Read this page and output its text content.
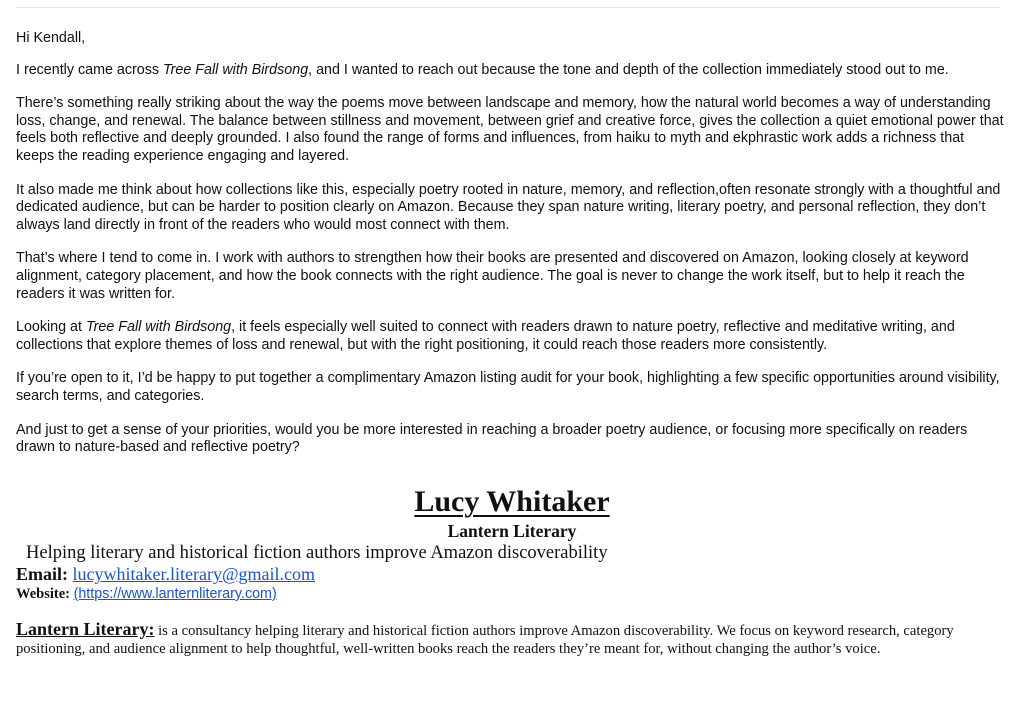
Hi Kendall,

I recently came across Tree Fall with Birdsong, and I wanted to reach out because the tone and depth of the collection immediately stood out to me.

There’s something really striking about the way the poems move between landscape and memory, how the natural world becomes a way of understanding loss, change, and renewal. The balance between stillness and movement, between grief and creative force, gives the collection a quiet emotional power that feels both reflective and deeply grounded. I also found the range of forms and influences, from haiku to myth and ekphrastic work adds a richness that keeps the reading experience engaging and layered.

It also made me think about how collections like this, especially poetry rooted in nature, memory, and reflection,often resonate strongly with a thoughtful and dedicated audience, but can be harder to position clearly on Amazon. Because they span nature writing, literary poetry, and personal reflection, they don’t always land directly in front of the readers who would most connect with them.

That’s where I tend to come in. I work with authors to strengthen how their books are presented and discovered on Amazon, looking closely at keyword alignment, category placement, and how the book connects with the right audience. The goal is never to change the work itself, but to help it reach the readers it was written for.

Looking at Tree Fall with Birdsong, it feels especially well suited to connect with readers drawn to nature poetry, reflective and meditative writing, and collections that explore themes of loss and renewal, but with the right positioning, it could reach those readers more consistently.

If you’re open to it, I’d be happy to put together a complimentary Amazon listing audit for your book, highlighting a few specific opportunities around visibility, search terms, and categories.

And just to get a sense of your priorities, would you be more interested in reaching a broader poetry audience, or focusing more specifically on readers drawn to nature-based and reflective poetry?

Lucy Whitaker
Lantern Literary
Helping literary and historical fiction authors improve Amazon discoverability
Email: lucywhitaker.literary@gmail.com
Website: (https://www.lanternliterary.com)
Lantern Literary: is a consultancy helping literary and historical fiction authors improve Amazon discoverability. We focus on keyword research, category positioning, and audience alignment to help thoughtful, well-written books reach the readers they’re meant for, without changing the author’s voice.
